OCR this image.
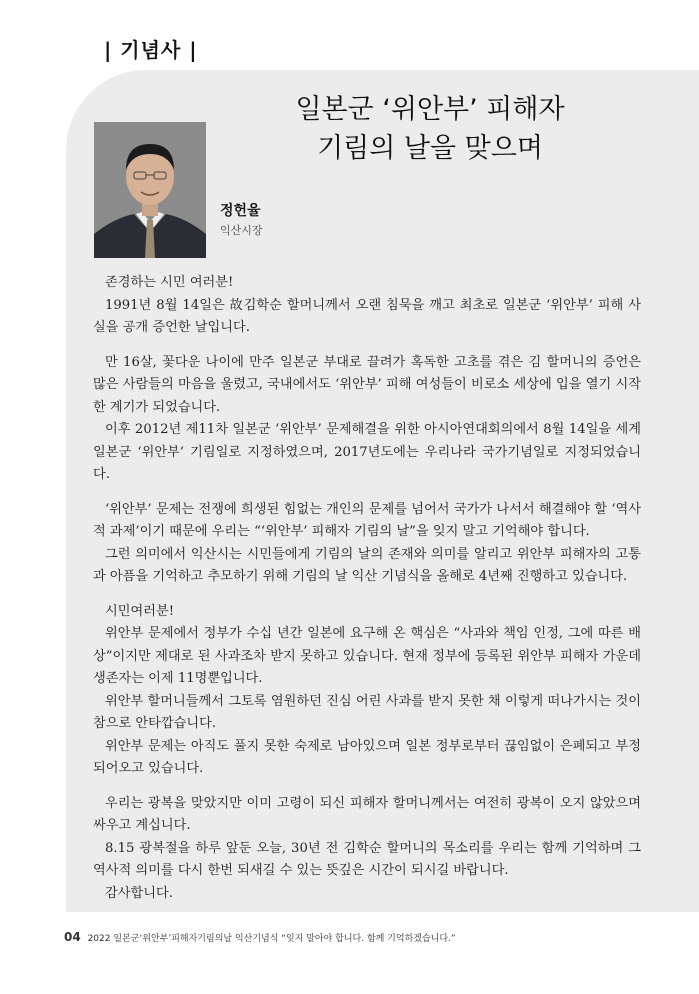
| 기념사 |
일본군 ‘위안부’ 피해자
기림의 날을 맞으며
정헌율
익산시장

존경하는 시민 여러분!

1991년 8월 14일은 故김학순 할머니께서 오랜 침묵을 깨고 최초로 일본군 ‘위안부’ 피해 사실을 공개 증언한 날입니다.

만 16살, 꽃다운 나이에 만주 일본군 부대로 끌려가 혹독한 고초를 겪은 김 할머니의 증언은 많은 사람들의 마음을 울렸고, 국내에서도 ‘위안부’ 피해 여성들이 비로소 세상에 입을 열기 시작한 계기가 되었습니다.

이후 2012년 제11차 일본군 ‘위안부’ 문제해결을 위한 아시아연대회의에서 8월 14일을 세계 일본군 ‘위안부’ 기림일로 지정하였으며, 2017년도에는 우리나라 국가기념일로 지정되었습니다.

‘위안부’ 문제는 전쟁에 희생된 힘없는 개인의 문제를 넘어서 국가가 나서서 해결해야 할 ‘역사적 과제’이기 때문에 우리는 “‘위안부’ 피해자 기림의 날”을 잊지 말고 기억해야 합니다.

그런 의미에서 익산시는 시민들에게 기림의 날의 존재와 의미를 알리고 위안부 피해자의 고통과 아픔을 기억하고 추모하기 위해 기림의 날 익산 기념식을 올해로 4년째 진행하고 있습니다.

시민여러분!

위안부 문제에서 정부가 수십 년간 일본에 요구해 온 핵심은 “사과와 책임 인정, 그에 따른 배상”이지만 제대로 된 사과조차 받지 못하고 있습니다. 현재 정부에 등록된 위안부 피해자 가운데 생존자는 이제 11명뿐입니다.

위안부 할머니들께서 그토록 염원하던 진심 어린 사과를 받지 못한 채 이렇게 떠나가시는 것이 참으로 안타깝습니다.

위안부 문제는 아직도 풀지 못한 숙제로 남아있으며 일본 정부로부터 끊임없이 은폐되고 부정되어오고 있습니다.

우리는 광복을 맞았지만 이미 고령이 되신 피해자 할머니께서는 여전히 광복이 오지 않았으며 싸우고 계십니다.

8.15 광복절을 하루 앞둔 오늘, 30년 전 김학순 할머니의 목소리를 우리는 함께 기억하며 그 역사적 의미를 다시 한번 되새길 수 있는 뜻깊은 시간이 되시길 바랍니다.

감사합니다.

04 2022 일본군‘위안부’피해자기림의날 익산기념식 “잊지 말아야 합니다. 함께 기억하겠습니다.”
